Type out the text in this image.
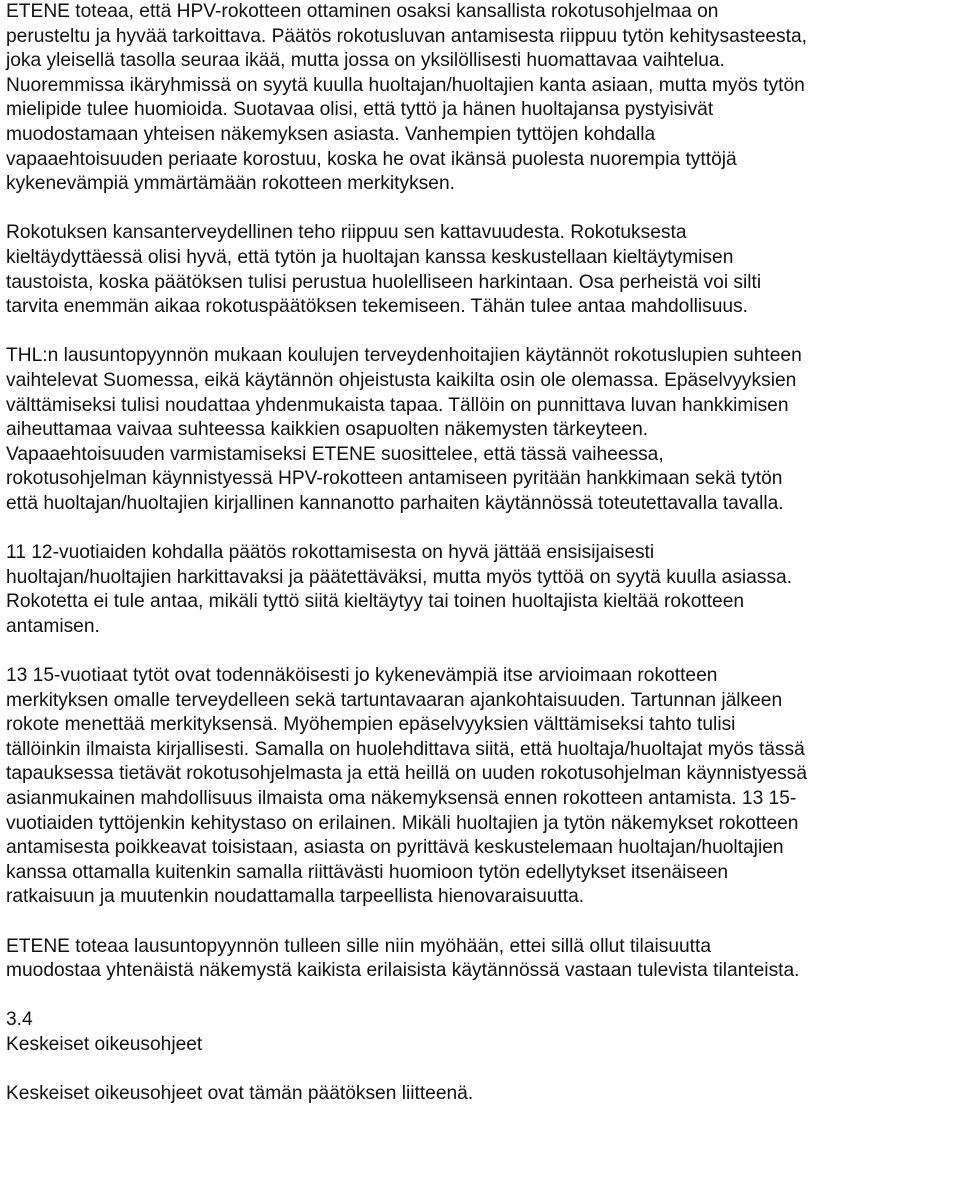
ETENE toteaa, että HPV-rokotteen ottaminen osaksi kansallista rokotusohjelmaa on
perusteltu ja hyvää tarkoittava. Päätös rokotusluvan antamisesta riippuu tytön kehitysasteesta,
joka yleisellä tasolla seuraa ikää, mutta jossa on yksilöllisesti huomattavaa vaihtelua.
Nuoremmissa ikäryhmissä on syytä kuulla huoltajan/huoltajien kanta asiaan, mutta myös tytön
mielipide tulee huomioida. Suotavaa olisi, että tyttö ja hänen huoltajansa pystyisivät
muodostamaan yhteisen näkemyksen asiasta. Vanhempien tyttöjen kohdalla
vapaaehtoisuuden periaate korostuu, koska he ovat ikänsä puolesta nuorempia tyttöjä
kykenevämpiä ymmärtämään rokotteen merkityksen.

Rokotuksen kansanterveydellinen teho riippuu sen kattavuudesta. Rokotuksesta
kieltäydyttäessä olisi hyvä, että tytön ja huoltajan kanssa keskustellaan kieltäytymisen
taustoista, koska päätöksen tulisi perustua huolelliseen harkintaan. Osa perheistä voi silti
tarvita enemmän aikaa rokotuspäätöksen tekemiseen. Tähän tulee antaa mahdollisuus.

THL:n lausuntopyynnön mukaan koulujen terveydenhoitajien käytännöt rokotuslupien suhteen
vaihtelevat Suomessa, eikä käytännön ohjeistusta kaikilta osin ole olemassa. Epäselvyyksien
välttämiseksi tulisi noudattaa yhdenmukaista tapaa. Tällöin on punnittava luvan hankkimisen
aiheuttamaa vaivaa suhteessa kaikkien osapuolten näkemysten tärkeyteen.
Vapaaehtoisuuden varmistamiseksi ETENE suosittelee, että tässä vaiheessa,
rokotusohjelman käynnistyessä HPV-rokotteen antamiseen pyritään hankkimaan sekä tytön
että huoltajan/huoltajien kirjallinen kannanotto parhaiten käytännössä toteutettavalla tavalla.

11 12-vuotiaiden kohdalla päätös rokottamisesta on hyvä jättää ensisijaisesti
huoltajan/huoltajien harkittavaksi ja päätettäväksi, mutta myös tyttöä on syytä kuulla asiassa.
Rokotetta ei tule antaa, mikäli tyttö siitä kieltäytyy tai toinen huoltajista kieltää rokotteen
antamisen.

13 15-vuotiaat tytöt ovat todennäköisesti jo kykenevämpiä itse arvioimaan rokotteen
merkityksen omalle terveydelleen sekä tartuntavaaran ajankohtaisuuden. Tartunnan jälkeen
rokote menettää merkityksensä. Myöhempien epäselvyyksien välttämiseksi tahto tulisi
tällöinkin ilmaista kirjallisesti. Samalla on huolehdittava siitä, että huoltaja/huoltajat myös tässä
tapauksessa tietävät rokotusohjelmasta ja että heillä on uuden rokotusohjelman käynnistyessä
asianmukainen mahdollisuus ilmaista oma näkemyksensä ennen rokotteen antamista. 13 15-
vuotiaiden tyttöjenkin kehitystaso on erilainen. Mikäli huoltajien ja tytön näkemykset rokotteen
antamisesta poikkeavat toisistaan, asiasta on pyrittävä keskustelemaan huoltajan/huoltajien
kanssa ottamalla kuitenkin samalla riittävästi huomioon tytön edellytykset itsenäiseen
ratkaisuun ja muutenkin noudattamalla tarpeellista hienovaraisuutta.

ETENE toteaa lausuntopyynnön tulleen sille niin myöhään, ettei sillä ollut tilaisuutta
muodostaa yhtenäistä näkemystä kaikista erilaisista käytännössä vastaan tulevista tilanteista.

3.4
Keskeiset oikeusohjeet

Keskeiset oikeusohjeet ovat tämän päätöksen liitteenä.
